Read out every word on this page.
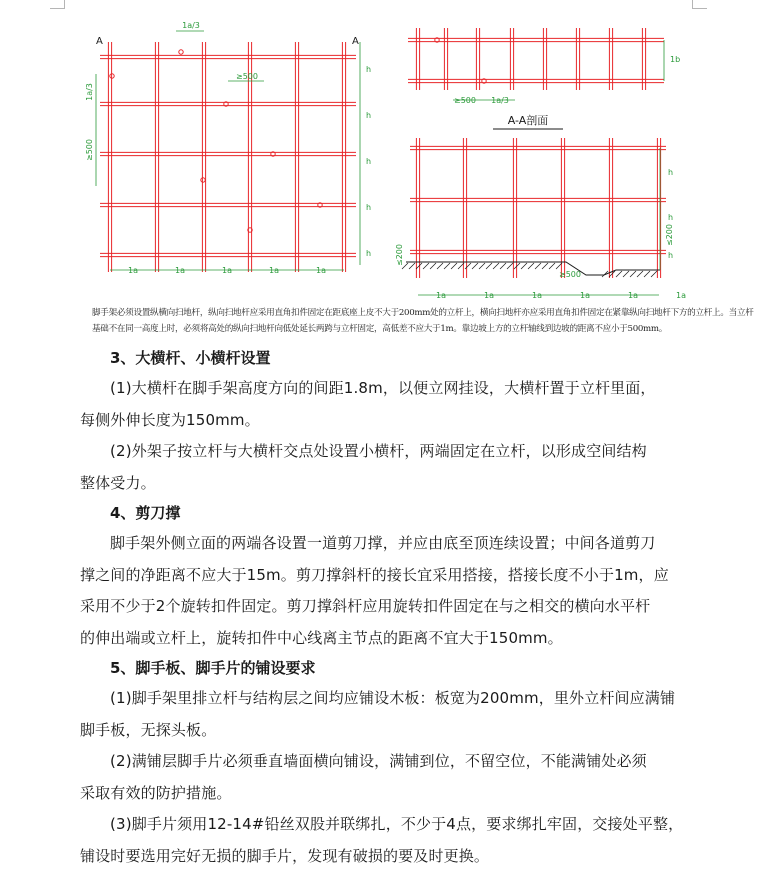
1a/3
≥500
1a/3
≥500
h
h
h
h
h
1a	1a	1a	1a	1a
1b
≥500 1a/3
h
h
≤200
h
≤200
1a	1a	1a	1a	1a	1a
≥500
A	A
A-A剖面

脚手架必须设置纵横向扫地杆，纵向扫地杆应采用直角扣件固定在距底座上皮不大于200mm处的立杆上，横向扫地杆亦应采用直角扣件固定在紧靠纵向扫地杆下方的立杆上。当立杆

基础不在同一高度上时，必须将高处的纵向扫地杆向低处延长两跨与立杆固定，高低差不应大于1m。靠边坡上方的立杆轴线到边坡的距离不应小于500mm。

3、大横杆、小横杆设置

(1)大横杆在脚手架高度方向的间距1.8m，以便立网挂设，大横杆置于立杆里面，

每侧外伸长度为150mm。

(2)外架子按立杆与大横杆交点处设置小横杆，两端固定在立杆，以形成空间结构

整体受力。

4、剪刀撑

脚手架外侧立面的两端各设置一道剪刀撑，并应由底至顶连续设置；中间各道剪刀

撑之间的净距离不应大于15m。剪刀撑斜杆的接长宜采用搭接，搭接长度不小于1m，应

采用不少于2个旋转扣件固定。剪刀撑斜杆应用旋转扣件固定在与之相交的横向水平杆

的伸出端或立杆上，旋转扣件中心线离主节点的距离不宜大于150mm。

5、脚手板、脚手片的铺设要求

(1)脚手架里排立杆与结构层之间均应铺设木板：板宽为200mm，里外立杆间应满铺

脚手板，无探头板。

(2)满铺层脚手片必须垂直墙面横向铺设，满铺到位，不留空位，不能满铺处必须

采取有效的防护措施。

(3)脚手片须用12-14#铅丝双股并联绑扎，不少于4点，要求绑扎牢固，交接处平整，

铺设时要选用完好无损的脚手片，发现有破损的要及时更换。
